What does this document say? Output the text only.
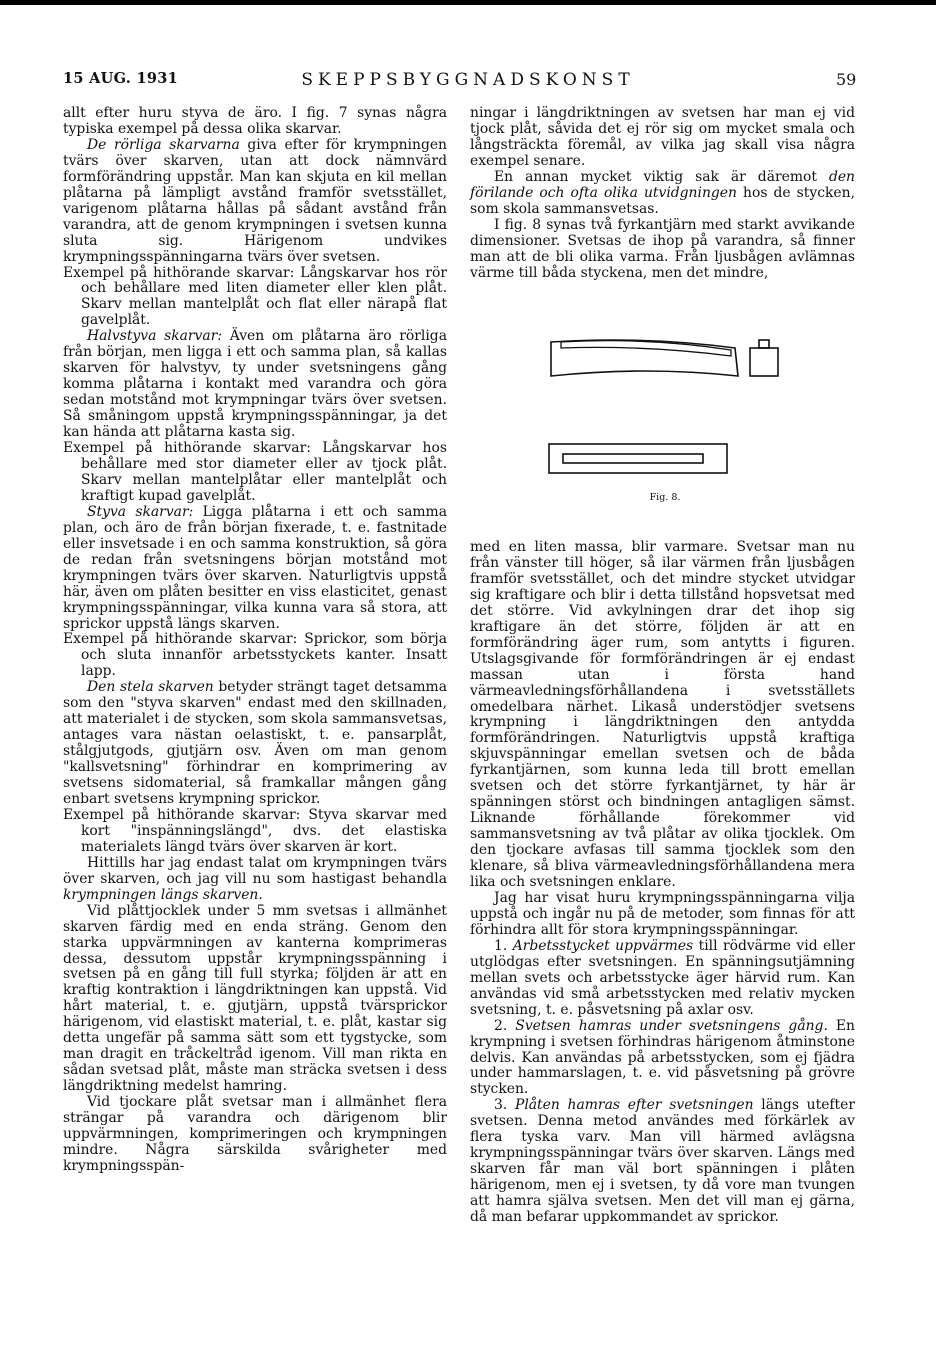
15 AUG. 1931	SKEPPSBYGGNADSKONST	59

allt efter huru styva de äro. I fig. 7 synas några typiska exempel på dessa olika skarvar.

De rörliga skarvarna giva efter för krympningen tvärs över skarven, utan att dock nämnvärd formförändring uppstår. Man kan skjuta en kil mellan plåtarna på lämpligt avstånd framför svetsstället, varigenom plåtarna hållas på sådant avstånd från varandra, att de genom krympningen i svetsen kunna sluta sig. Härigenom undvikes krympningsspänningarna tvärs över svetsen.

Exempel på hithörande skarvar: Långskarvar hos rör och behållare med liten diameter eller klen plåt. Skarv mellan mantelplåt och flat eller närapå flat gavelplåt.

Halvstyva skarvar: Även om plåtarna äro rörliga från början, men ligga i ett och samma plan, så kallas skarven för halvstyv, ty under svetsningens gång komma plåtarna i kontakt med varandra och göra sedan motstånd mot krympningar tvärs över svetsen. Så småningom uppstå krympningsspänningar, ja det kan hända att plåtarna kasta sig.

Exempel på hithörande skarvar: Långskarvar hos behållare med stor diameter eller av tjock plåt. Skarv mellan mantelplåtar eller mantelplåt och kraftigt kupad gavelplåt.

Styva skarvar: Ligga plåtarna i ett och samma plan, och äro de från början fixerade, t. e. fastnitade eller insvetsade i en och samma konstruktion, så göra de redan från svetsningens början motstånd mot krympningen tvärs över skarven. Naturligtvis uppstå här, även om plåten besitter en viss elasticitet, genast krympningsspänningar, vilka kunna vara så stora, att sprickor uppstå längs skarven.

Exempel på hithörande skarvar: Sprickor, som börja och sluta innanför arbetsstyckets kanter. Insatt lapp.

Den stela skarven betyder strängt taget detsamma som den "styva skarven" endast med den skillnaden, att materialet i de stycken, som skola sammansvetsas, antages vara nästan oelastiskt, t. e. pansarplåt, stålgjutgods, gjutjärn osv. Även om man genom "kallsvetsning" förhindrar en komprimering av svetsens sidomaterial, så framkallar mången gång enbart svetsens krympning sprickor.

Exempel på hithörande skarvar: Styva skarvar med kort "inspänningslängd", dvs. det elastiska materialets längd tvärs över skarven är kort.

Hittills har jag endast talat om krympningen tvärs över skarven, och jag vill nu som hastigast behandla krympningen längs skarven.

Vid plåttjocklek under 5 mm svetsas i allmänhet skarven färdig med en enda sträng. Genom den starka uppvärmningen av kanterna komprimeras dessa, dessutom uppstår krympningsspänning i svetsen på en gång till full styrka; följden är att en kraftig kontraktion i längdriktningen kan uppstå. Vid hårt material, t. e. gjutjärn, uppstå tvärsprickor härigenom, vid elastiskt material, t. e. plåt, kastar sig detta ungefär på samma sätt som ett tygstycke, som man dragit en tråckeltråd igenom. Vill man rikta en sådan svetsad plåt, måste man sträcka svetsen i dess längdriktning medelst hamring.

Vid tjockare plåt svetsar man i allmänhet flera strängar på varandra och därigenom blir uppvärmningen, komprimeringen och krympningen mindre. Några särskilda svårigheter med krympningsspän-

ningar i längdriktningen av svetsen har man ej vid tjock plåt, såvida det ej rör sig om mycket smala och långsträckta föremål, av vilka jag skall visa några exempel senare.

En annan mycket viktig sak är däremot den förilande och ofta olika utvidgningen hos de stycken, som skola sammansvetsas.

I fig. 8 synas två fyrkantjärn med starkt avvikande dimensioner. Svetsas de ihop på varandra, så finner man att de bli olika varma. Från ljusbågen avlämnas värme till båda styckena, men det mindre,

Fig. 8.

med en liten massa, blir varmare. Svetsar man nu från vänster till höger, så ilar värmen från ljusbågen framför svetsstället, och det mindre stycket utvidgar sig kraftigare och blir i detta tillstånd hopsvetsat med det större. Vid avkylningen drar det ihop sig kraftigare än det större, följden är att en formförändring äger rum, som antytts i figuren. Utslagsgivande för formförändringen är ej endast massan utan i första hand värmeavledningsförhållandena i svetsställets omedelbara närhet. Likaså understödjer svetsens krympning i längdriktningen den antydda formförändringen. Naturligtvis uppstå kraftiga skjuvspänningar emellan svetsen och de båda fyrkantjärnen, som kunna leda till brott emellan svetsen och det större fyrkantjärnet, ty här är spänningen störst och bindningen antagligen sämst. Liknande förhållande förekommer vid sammansvetsning av två plåtar av olika tjocklek. Om den tjockare avfasas till samma tjocklek som den klenare, så bliva värmeavledningsförhållandena mera lika och svetsningen enklare.

Jag har visat huru krympningsspänningarna vilja uppstå och ingår nu på de metoder, som finnas för att förhindra allt för stora krympningsspänningar.

1. Arbetsstycket uppvärmes till rödvärme vid eller utglödgas efter svetsningen. En spänningsutjämning mellan svets och arbetsstycke äger härvid rum. Kan användas vid små arbetsstycken med relativ mycken svetsning, t. e. påsvetsning på axlar osv.

2. Svetsen hamras under svetsningens gång. En krympning i svetsen förhindras härigenom åtminstone delvis. Kan användas på arbetsstycken, som ej fjädra under hammarslagen, t. e. vid påsvetsning på grövre stycken.

3. Plåten hamras efter svetsningen längs utefter svetsen. Denna metod användes med förkärlek av flera tyska varv. Man vill härmed avlägsna krympningsspänningar tvärs över skarven. Längs med skarven får man väl bort spänningen i plåten härigenom, men ej i svetsen, ty då vore man tvungen att hamra själva svetsen. Men det vill man ej gärna, då man befarar uppkommandet av sprickor.
